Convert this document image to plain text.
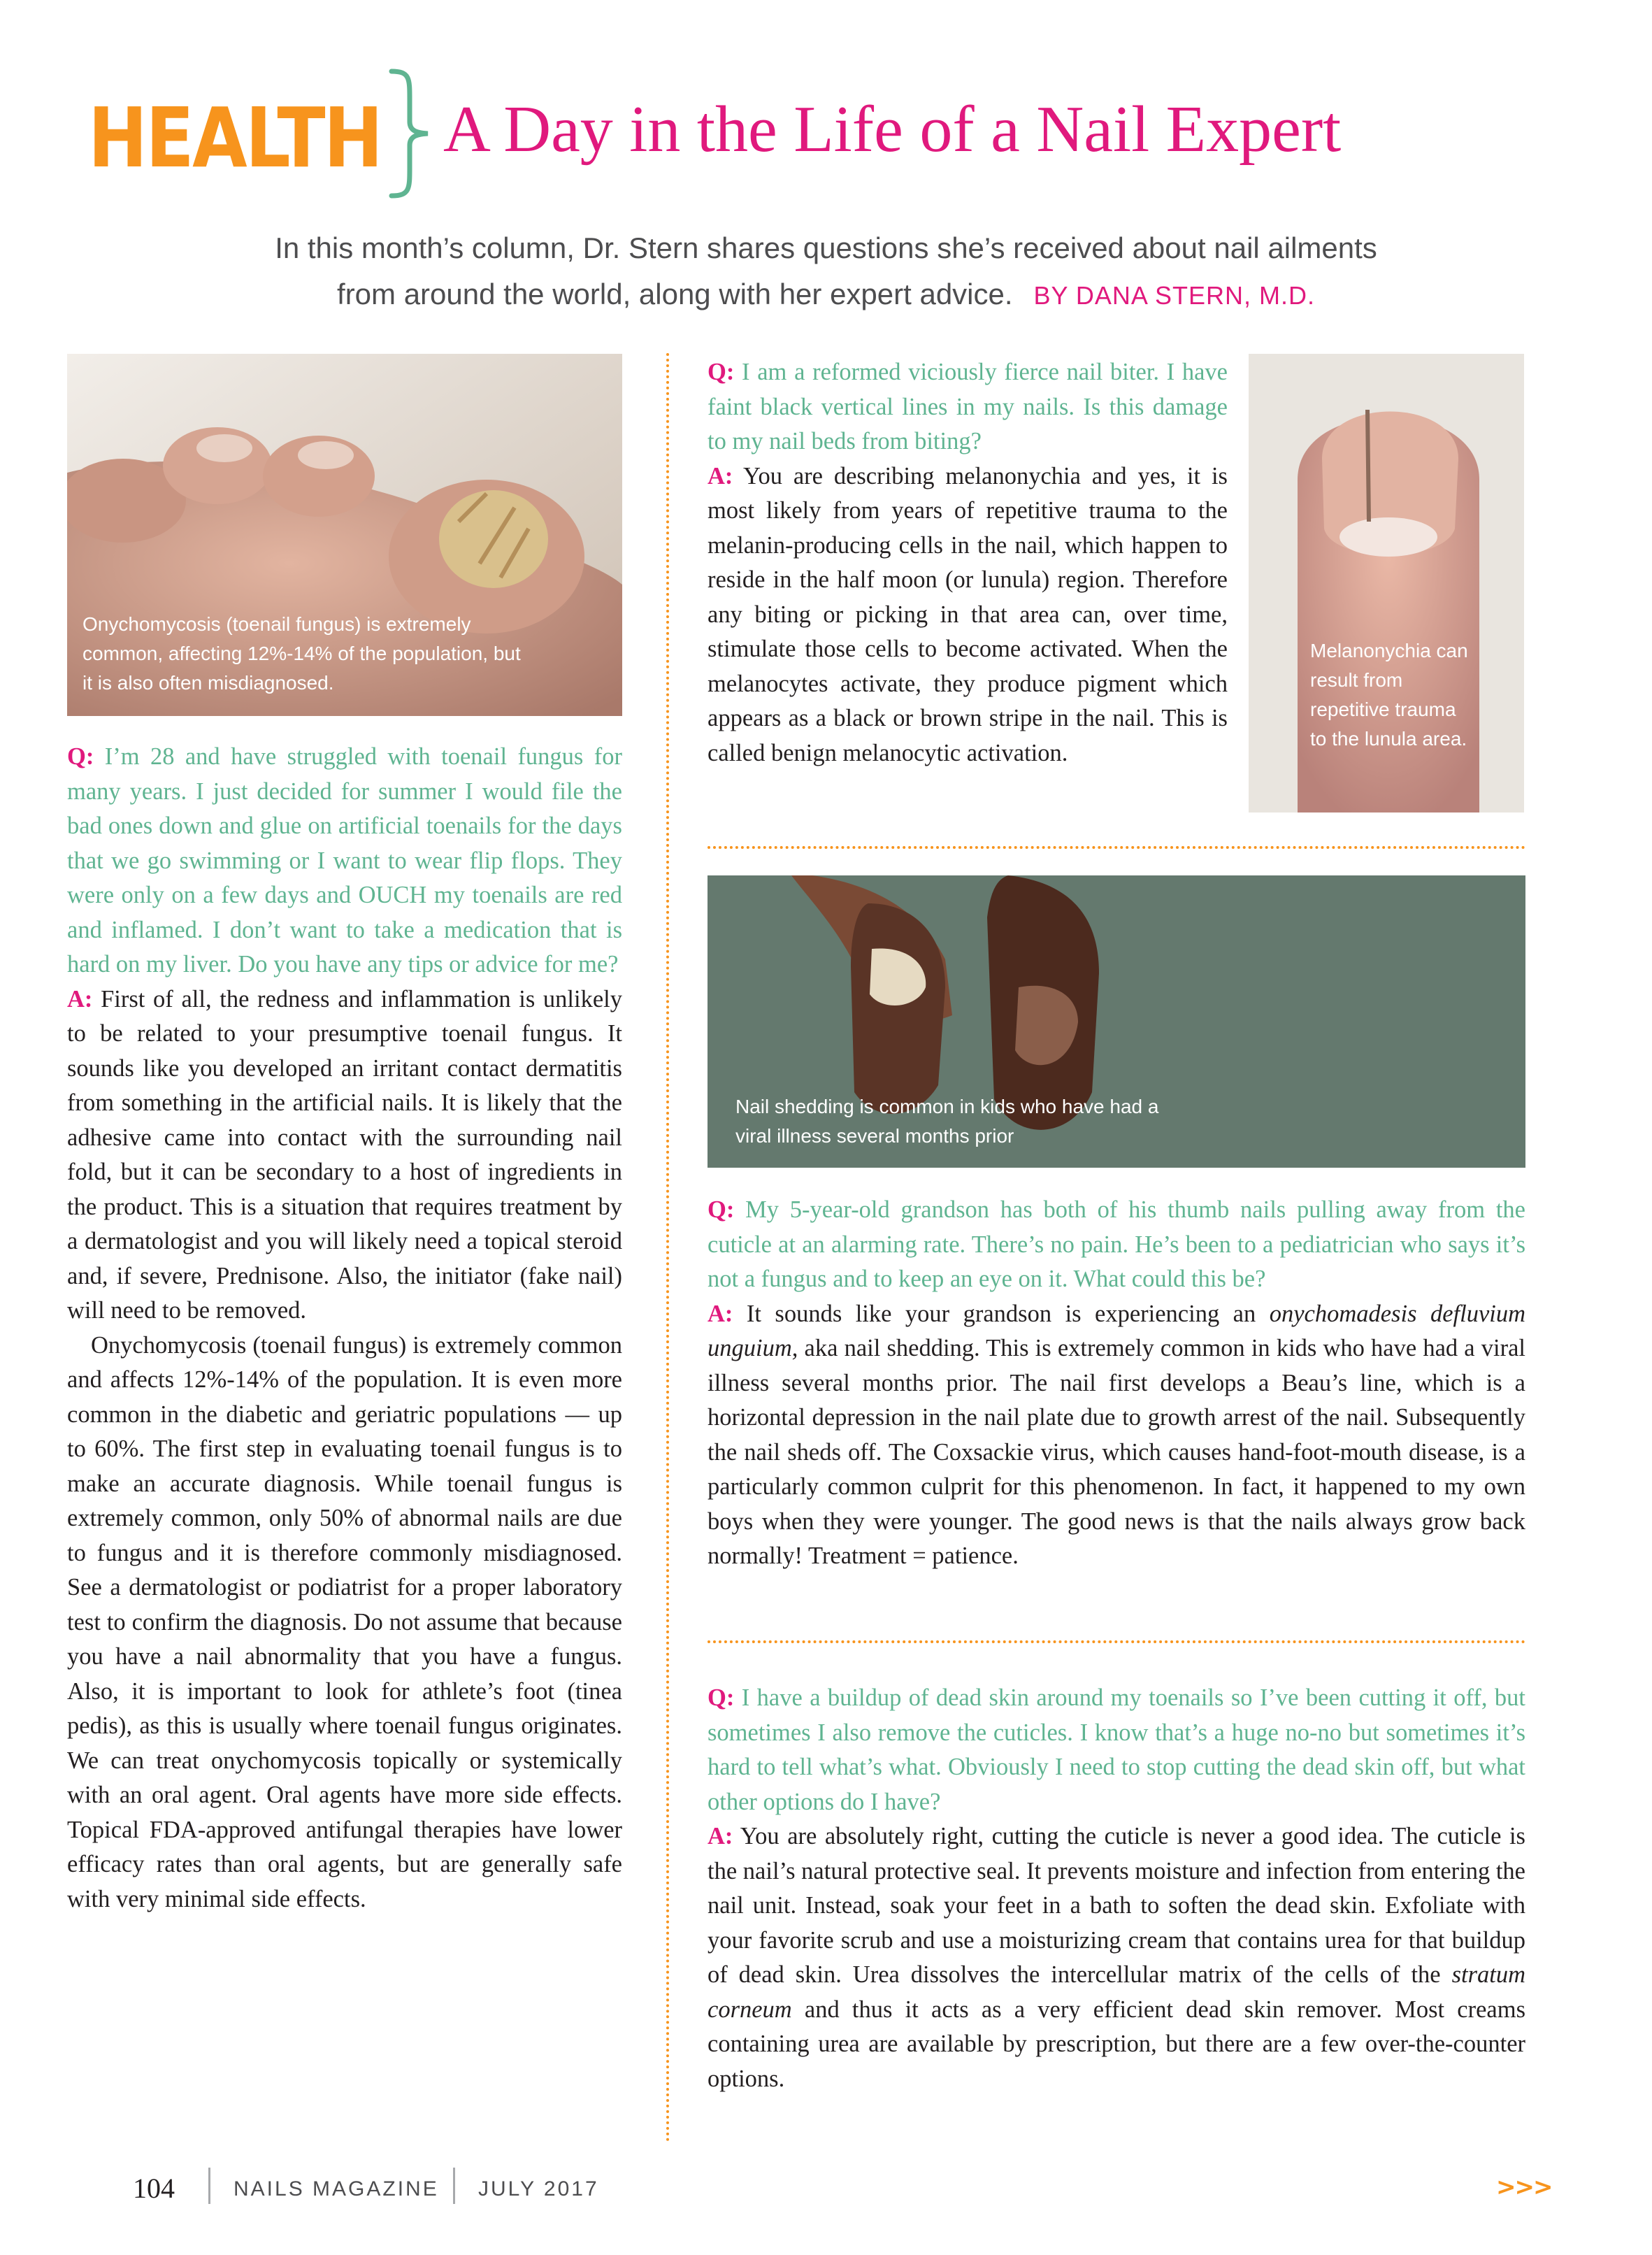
HEALTH A Day in the Life of a Nail Expert
In this month’s column, Dr. Stern shares questions she’s received about nail ailments
from around the world, along with her expert advice. BY DANA STERN, M.D.
Onychomycosis (toenail fungus) is extremely common, affecting 12%-14% of the population, but it is also often misdiagnosed.
Melanonychia can result from repetitive trauma to the lunula area.
Nail shedding is common in kids who have had a viral illness several months prior

Q: I’m 28 and have struggled with toenail fungus for many years. I just decided for summer I would file the bad ones down and glue on artificial toenails for the days that we go swimming or I want to wear flip flops. They were only on a few days and OUCH my toenails are red and inflamed. I don’t want to take a medication that is hard on my liver. Do you have any tips or advice for me?

A: First of all, the redness and inflammation is unlikely to be related to your presumptive toenail fungus. It sounds like you developed an irritant contact dermatitis from something in the artificial nails. It is likely that the adhesive came into contact with the surrounding nail fold, but it can be secondary to a host of ingredients in the product. This is a situation that requires treatment by a dermatologist and you will likely need a topical steroid and, if severe, Prednisone. Also, the initiator (fake nail) will need to be removed.

Onychomycosis (toenail fungus) is extremely common and affects 12%-14% of the population. It is even more common in the diabetic and geriatric populations — up to 60%. The first step in evaluating toenail fungus is to make an accurate diagnosis. While toenail fungus is extremely common, only 50% of abnormal nails are due to fungus and it is therefore commonly misdiagnosed. See a dermatologist or podiatrist for a proper laboratory test to confirm the diagnosis. Do not assume that because you have a nail abnormality that you have a fungus. Also, it is important to look for athlete’s foot (tinea pedis), as this is usually where toenail fungus originates. We can treat onychomycosis topically or systemically with an oral agent. Oral agents have more side effects. Topical FDA-approved antifungal therapies have lower efficacy rates than oral agents, but are generally safe with very minimal side effects.

Q: I am a reformed viciously fierce nail biter. I have faint black vertical lines in my nails. Is this damage to my nail beds from biting?

A: You are describing melanonychia and yes, it is most likely from years of repetitive trauma to the melanin-producing cells in the nail, which happen to reside in the half moon (or lunula) region. Therefore any biting or picking in that area can, over time, stimulate those cells to become activated. When the melanocytes activate, they produce pigment which appears as a black or brown stripe in the nail. This is called benign melanocytic activation.

Q: My 5-year-old grandson has both of his thumb nails pulling away from the cuticle at an alarming rate. There’s no pain. He’s been to a pediatrician who says it’s not a fungus and to keep an eye on it. What could this be?

A: It sounds like your grandson is experiencing an onychomadesis defluvium unguium, aka nail shedding. This is extremely common in kids who have had a viral illness several months prior. The nail first develops a Beau’s line, which is a horizontal depression in the nail plate due to growth arrest of the nail. Subsequently the nail sheds off. The Coxsackie virus, which causes hand-foot-mouth disease, is a particularly common culprit for this phenomenon. In fact, it happened to my own boys when they were younger. The good news is that the nails always grow back normally! Treatment = patience.

Q: I have a buildup of dead skin around my toenails so I’ve been cutting it off, but sometimes I also remove the cuticles. I know that’s a huge no-no but sometimes it’s hard to tell what’s what. Obviously I need to stop cutting the dead skin off, but what other options do I have?

A: You are absolutely right, cutting the cuticle is never a good idea. The cuticle is the nail’s natural protective seal. It prevents moisture and infection from entering the nail unit. Instead, soak your feet in a bath to soften the dead skin. Exfoliate with your favorite scrub and use a moisturizing cream that contains urea for that buildup of dead skin. Urea dissolves the intercellular matrix of the cells of the stratum corneum and thus it acts as a very efficient dead skin remover. Most creams containing urea are available by prescription, but there are a few over-the-counter options.

104	NAILS MAGAZINE JULY 2017	>>>
